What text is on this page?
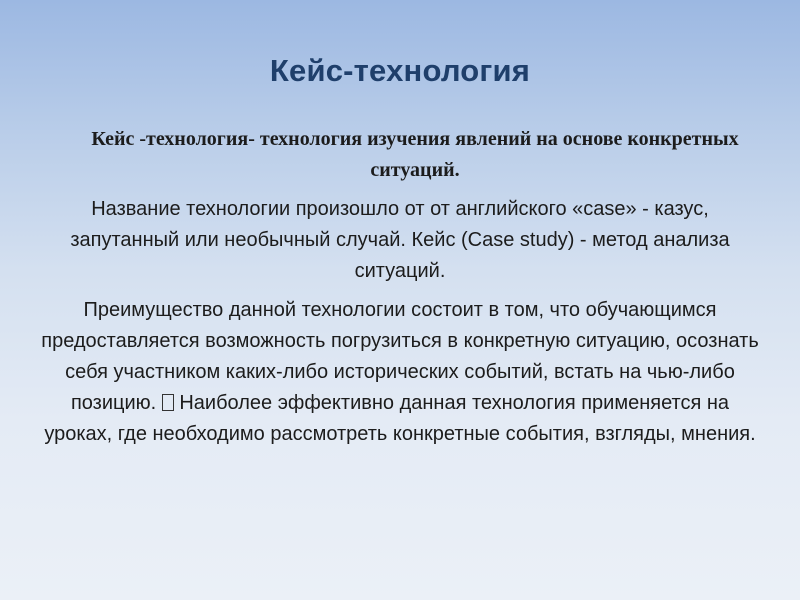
Кейс-технология

Кейс -технология- технология изучения явлений на основе конкретных ситуаций.

Название технологии произошло от от английского «case» - казус, запутанный или необычный случай. Кейс (Case study) - метод анализа ситуаций.

Преимущество данной технологии состоит в том, что обучающимся предоставляется возможность погрузиться в конкретную ситуацию, осознать себя участником каких-либо исторических событий, встать на чью-либо позицию. Наиболее эффективно данная технология применяется на уроках, где необходимо рассмотреть конкретные события, взгляды, мнения.
